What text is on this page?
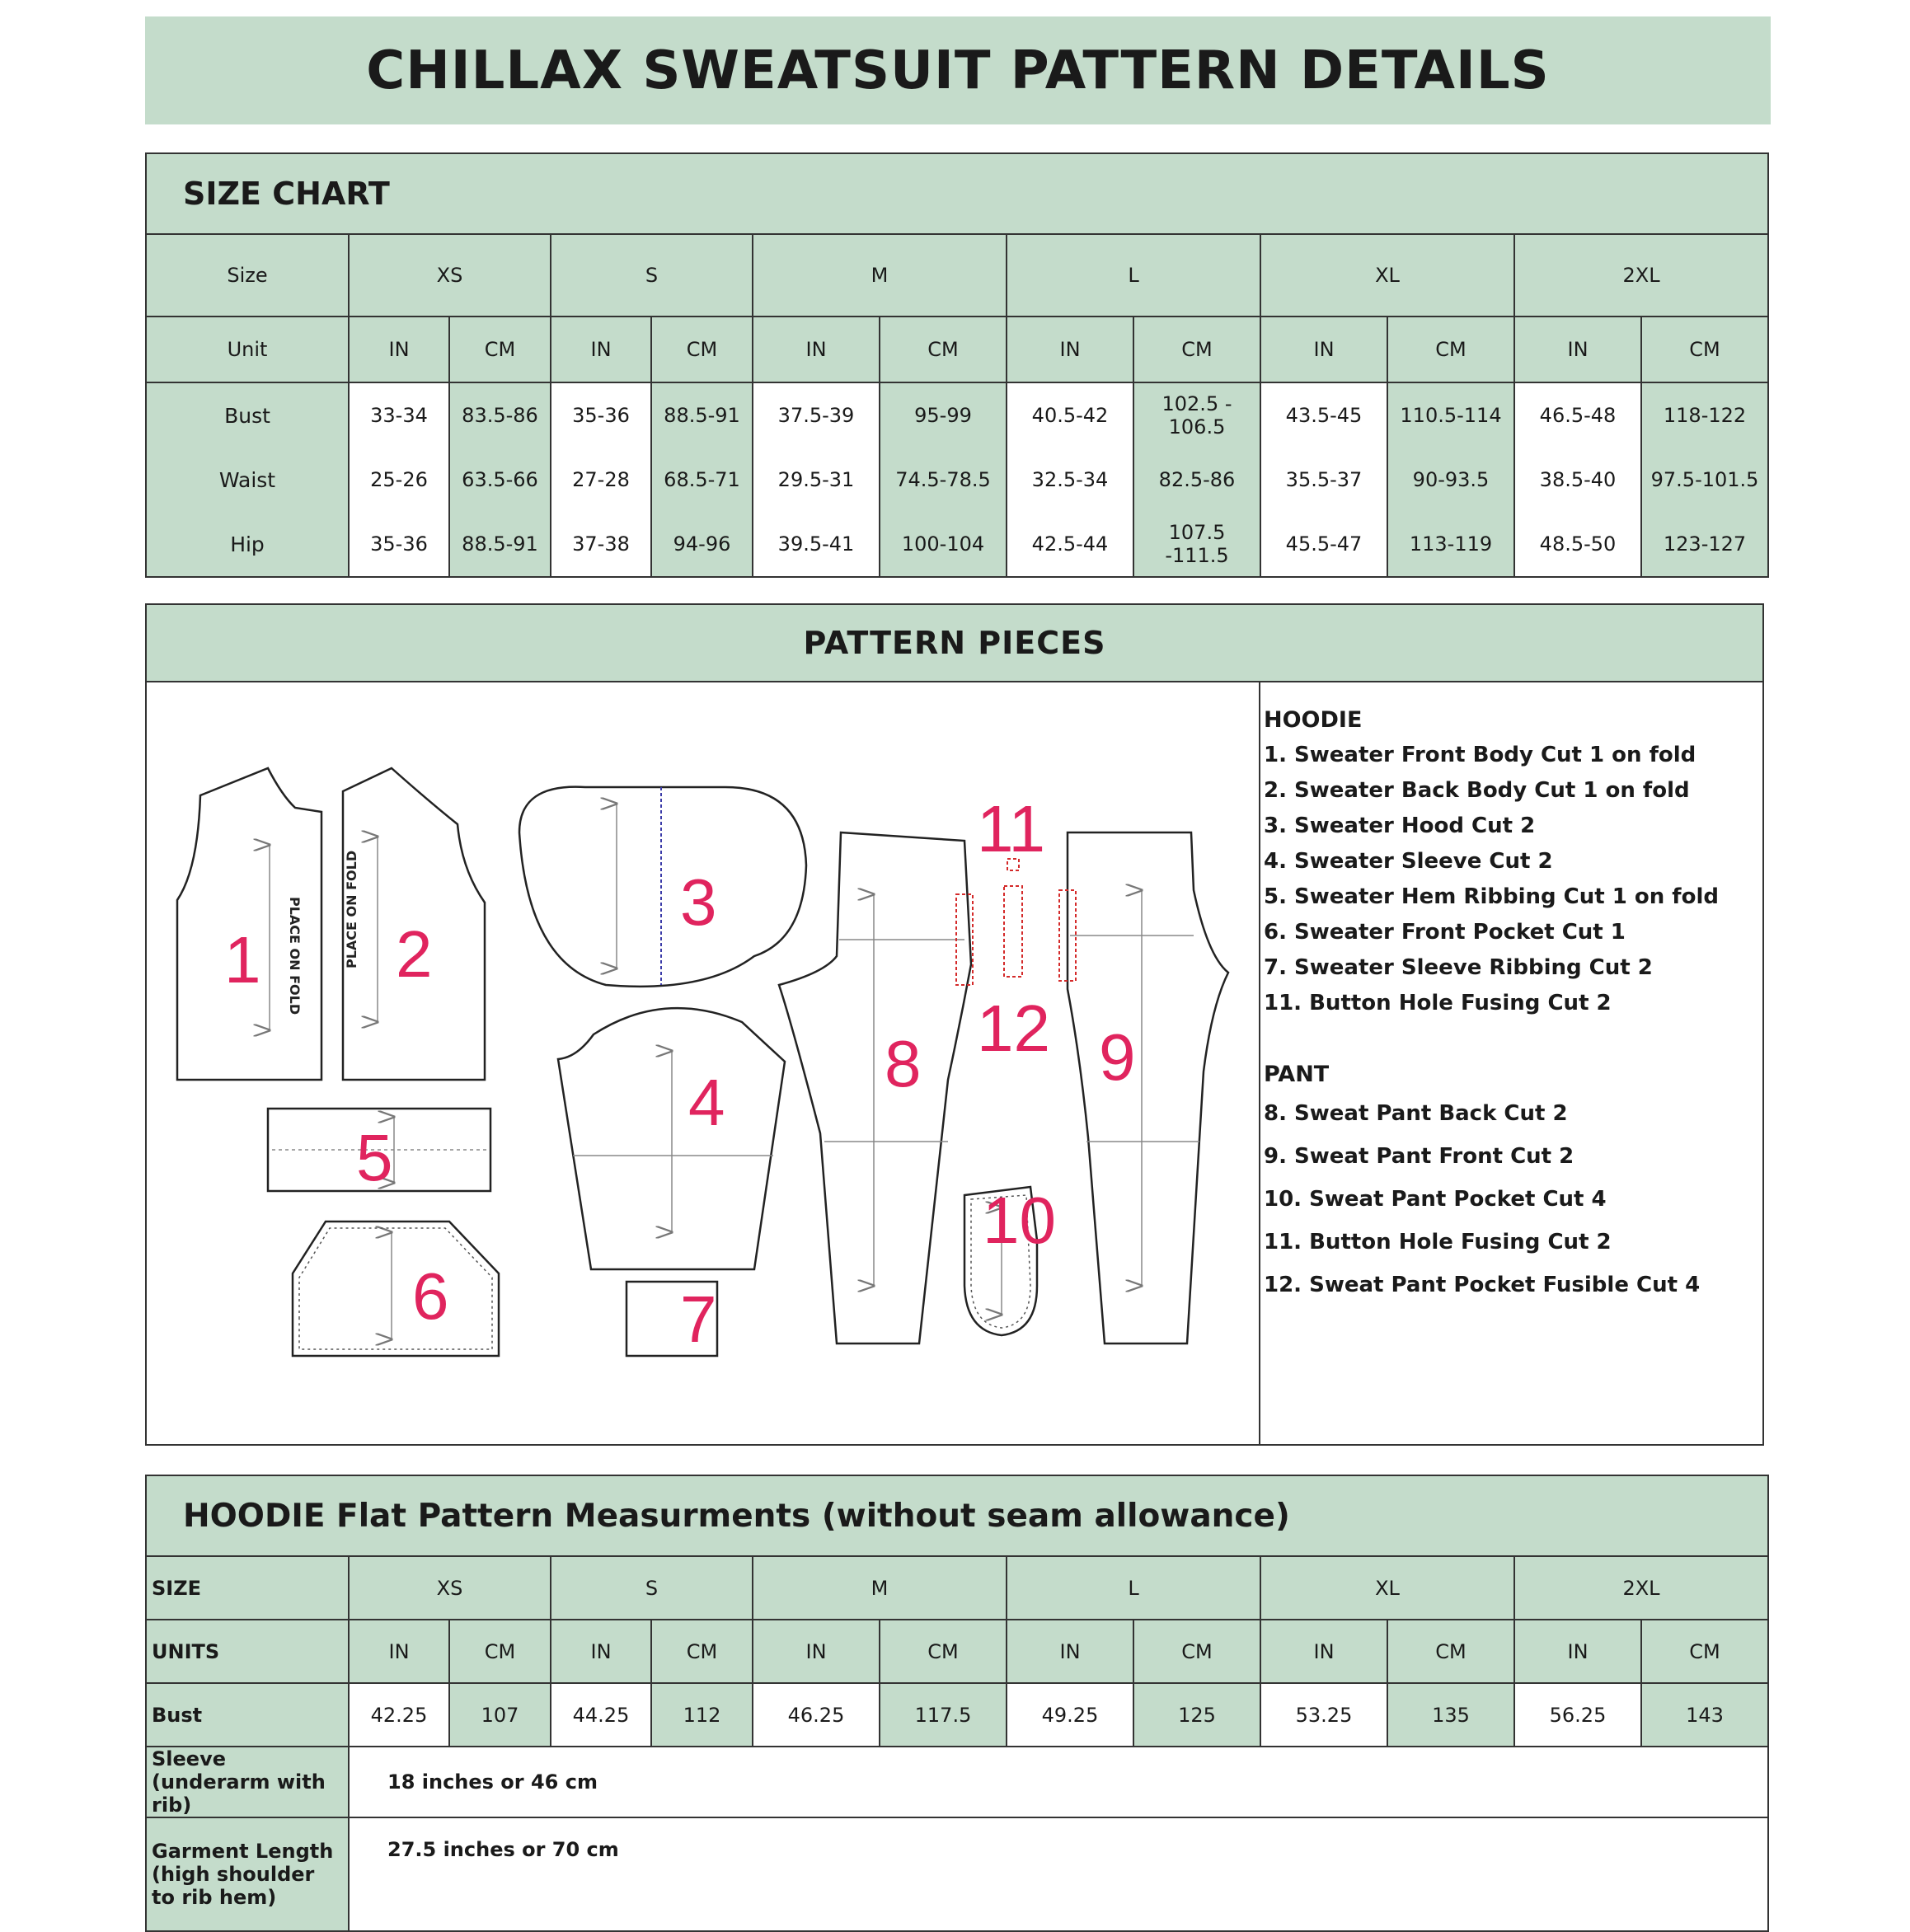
CHILLAX SWEATSUIT PATTERN DETAILS
SIZE CHART												
Size	XS		S		M		L		XL		2XL	
Unit	IN	CM	IN	CM	IN	CM	IN	CM	IN	CM	IN	CM
Bust	33-34	83.5-86	35-36	88.5-91	37.5-39	95-99	40.5-42	102.5 - 106.5	43.5-45	110.5-114	46.5-48	118-122
Waist	25-26	63.5-66	27-28	68.5-71	29.5-31	74.5-78.5	32.5-34	82.5-86	35.5-37	90-93.5	38.5-40	97.5-101.5
Hip	35-36	88.5-91	37-38	94-96	39.5-41	100-104	42.5-44	107.5 -111.5	45.5-47	113-119	48.5-50	123-127
PATTERN PIECES
PLACE ON FOLD	PLACE ON FOLD
1 2
3
4
5
6	7
8	9
10
11
12
HOODIE
1. Sweater Front Body Cut 1 on fold
2. Sweater Back Body Cut 1 on fold
3. Sweater Hood Cut 2
4. Sweater Sleeve Cut 2
5. Sweater Hem Ribbing Cut 1 on fold
6. Sweater Front Pocket Cut 1
7. Sweater Sleeve Ribbing Cut 2
11. Button Hole Fusing Cut 2
PANT
8. Sweat Pant Back Cut 2
9. Sweat Pant Front Cut 2
10. Sweat Pant Pocket Cut 4
11. Button Hole Fusing Cut 2
12. Sweat Pant Pocket Fusible Cut 4
HOODIE Flat Pattern Measurments (without seam allowance)												
SIZE	XS		S		M		L		XL		2XL	
UNITS	IN	CM	IN	CM	IN	CM	IN	CM	IN	CM	IN	CM
Bust	42.25	107	44.25	112	46.25	117.5	49.25	125	53.25	135	56.25	143

Sleeve
(underarm with rib)	18 inches or 46 cm											

Garment Length
(high shoulder
to rib hem)	27.5 inches or 70 cm											
